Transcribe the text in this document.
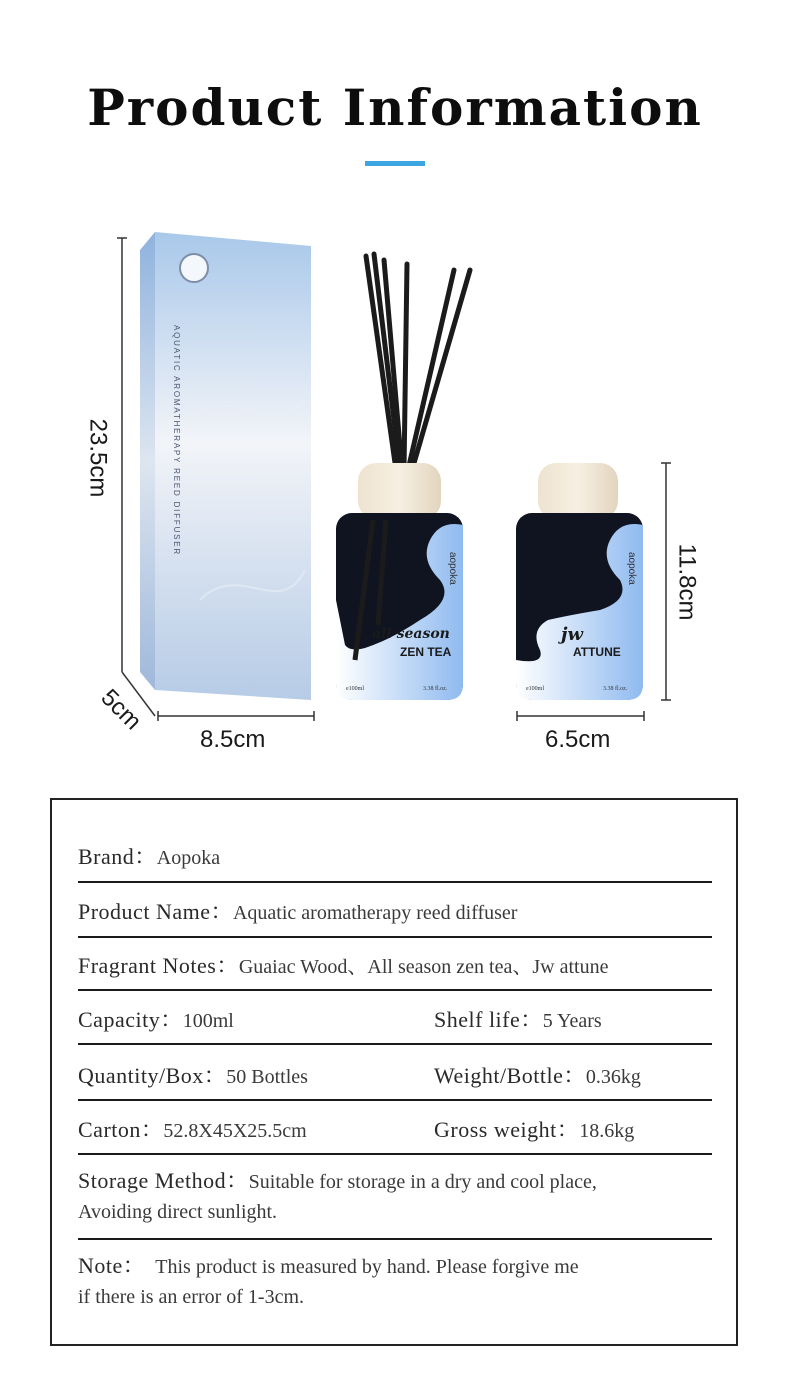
Product Information
AQUATIC AROMATHERAPY REED DIFFUSER
all season
ZEN TEA
aopoka
e100ml	3.38 fl.oz.
jw
ATTUNE
aopoka
e100ml	3.38 fl.oz.
23.5cm
5cm
8.5cm	6.5cm
11.8cm
Brand：Aopoka
Product Name：Aquatic aromatherapy reed diffuser
Fragrant Notes：Guaiac Wood、All season zen tea、Jw attune
Capacity：100ml	Shelf life：5 Years
Quantity/Box：50 Bottles	Weight/Bottle：0.36kg
Carton：52.8X45X25.5cm	Gross weight：18.6kg
Storage Method：Suitable for storage in a dry and cool place,
Avoiding direct sunlight.
Note： This product is measured by hand. Please forgive me
if there is an error of 1-3cm.
